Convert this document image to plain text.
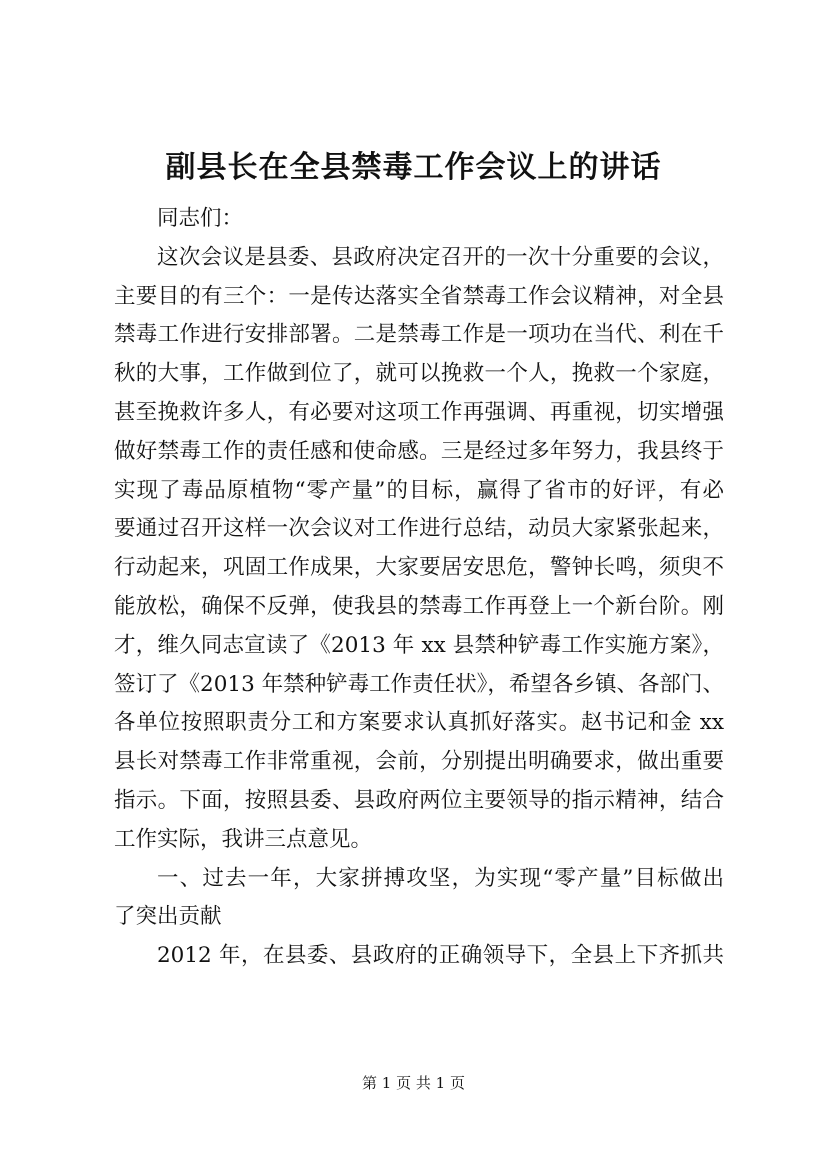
副县长在全县禁毒工作会议上的讲话
同志们：
这次会议是县委、县政府决定召开的一次十分重要的会议，
主要目的有三个：一是传达落实全省禁毒工作会议精神，对全县
禁毒工作进行安排部署。二是禁毒工作是一项功在当代、利在千
秋的大事，工作做到位了，就可以挽救一个人，挽救一个家庭，
甚至挽救许多人，有必要对这项工作再强调、再重视，切实增强
做好禁毒工作的责任感和使命感。三是经过多年努力，我县终于
实现了毒品原植物“零产量”的目标，赢得了省市的好评，有必
要通过召开这样一次会议对工作进行总结，动员大家紧张起来，
行动起来，巩固工作成果，大家要居安思危，警钟长鸣，须臾不
能放松，确保不反弹，使我县的禁毒工作再登上一个新台阶。刚
才，维久同志宣读了《2013 年 xx 县禁种铲毒工作实施方案》，
签订了《2013 年禁种铲毒工作责任状》，希望各乡镇、各部门、
各单位按照职责分工和方案要求认真抓好落实。赵书记和金 xx
县长对禁毒工作非常重视，会前，分别提出明确要求，做出重要
指示。下面，按照县委、县政府两位主要领导的指示精神，结合
工作实际，我讲三点意见。
一、过去一年，大家拼搏攻坚，为实现“零产量”目标做出
了突出贡献
2012 年，在县委、县政府的正确领导下，全县上下齐抓共
第 1 页 共 1 页
